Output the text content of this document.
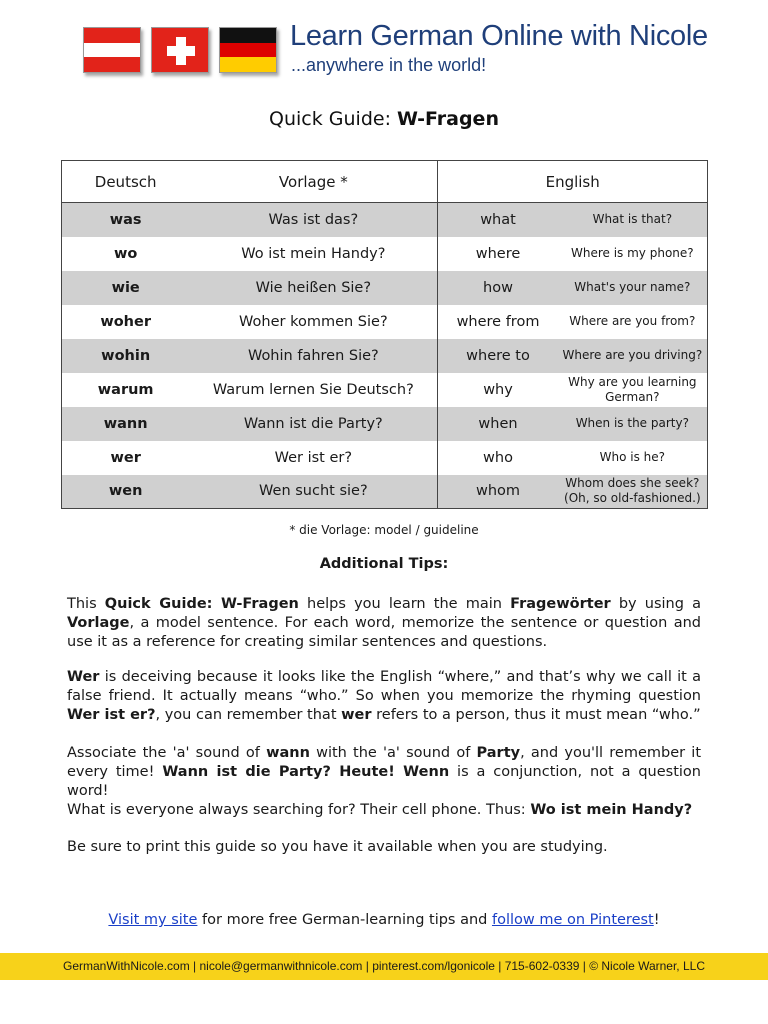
Learn German Online with Nicole
...anywhere in the world!
Quick Guide: W-Fragen
Deutsch	Vorlage *	English	
was	Was ist das?	what	What is that?
wo	Wo ist mein Handy?	where	Where is my phone?
wie	Wie heißen Sie?	how	What's your name?
woher	Woher kommen Sie?	where from	Where are you from?
wohin	Wohin fahren Sie?	where to	Where are you driving?
warum	Warum lernen Sie Deutsch?	why	Why are you learning German?
wann	Wann ist die Party?	when	When is the party?
wer	Wer ist er?	who	Who is he?
wen	Wen sucht sie?	whom	Whom does she seek? (Oh, so old-fashioned.)
* die Vorlage: model / guideline
Additional Tips:
This Quick Guide: W-Fragen helps you learn the main Fragewörter by using a Vorlage, a model sentence. For each word, memorize the sentence or question and use it as a reference for creating similar sentences and questions.
Wer is deceiving because it looks like the English “where,” and that’s why we call it a false friend. It actually means “who.” So when you memorize the rhyming question Wer ist er?, you can remember that wer refers to a person, thus it must mean “who.”
Associate the 'a' sound of wann with the 'a' sound of Party, and you'll remember it every time! Wann ist die Party? Heute! Wenn is a conjunction, not a question word!
What is everyone always searching for? Their cell phone. Thus: Wo ist mein Handy?
Be sure to print this guide so you have it available when you are studying.
Visit my site for more free German-learning tips and follow me on Pinterest!
GermanWithNicole.com | nicole@germanwithnicole.com | pinterest.com/lgonicole | 715-602-0339 | © Nicole Warner, LLC
